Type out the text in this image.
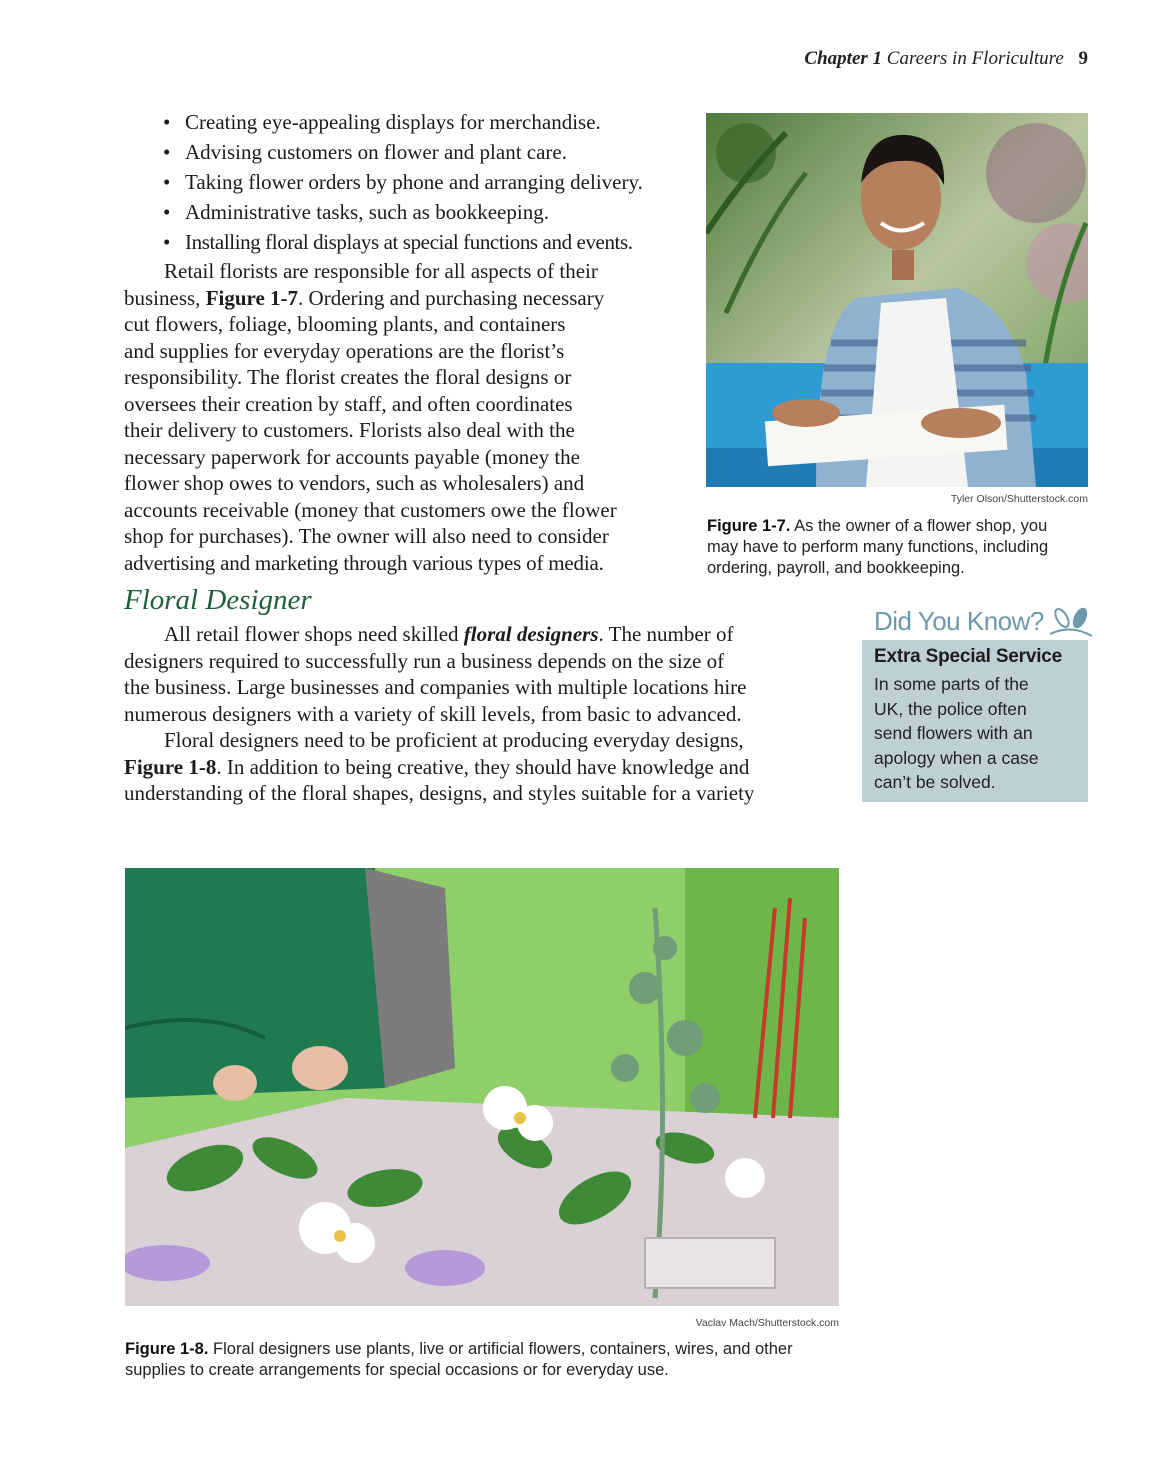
Chapter 1 Careers in Floriculture 9
• Creating eye-appealing displays for merchandise.
• Advising customers on flower and plant care.
• Taking flower orders by phone and arranging delivery.
• Administrative tasks, such as bookkeeping.
• Installing floral displays at special functions and events.
Retail florists are responsible for all aspects of their
business, Figure 1-7. Ordering and purchasing necessary
cut flowers, foliage, blooming plants, and containers
and supplies for everyday operations are the florist’s
responsibility. The florist creates the floral designs or
oversees their creation by staff, and often coordinates
their delivery to customers. Florists also deal with the
necessary paperwork for accounts payable (money the
flower shop owes to vendors, such as wholesalers) and
accounts receivable (money that customers owe the flower
shop for purchases). The owner will also need to consider
advertising and marketing through various types of media.
Tyler Olson/Shutterstock.com
Figure 1-7. As the owner of a flower shop, you
may have to perform many functions, including
ordering, payroll, and bookkeeping.
Floral Designer
All retail flower shops need skilled floral designers. The number of
designers required to successfully run a business depends on the size of
the business. Large businesses and companies with multiple locations hire
numerous designers with a variety of skill levels, from basic to advanced.
Floral designers need to be proficient at producing everyday designs,
Figure 1-8. In addition to being creative, they should have knowledge and
understanding of the floral shapes, designs, and styles suitable for a variety
Did You Know?
Extra Special Service
In some parts of the
UK, the police often
send flowers with an
apology when a case
can’t be solved.
Vaclav Mach/Shutterstock.com
Figure 1-8. Floral designers use plants, live or artificial flowers, containers, wires, and other
supplies to create arrangements for special occasions or for everyday use.
